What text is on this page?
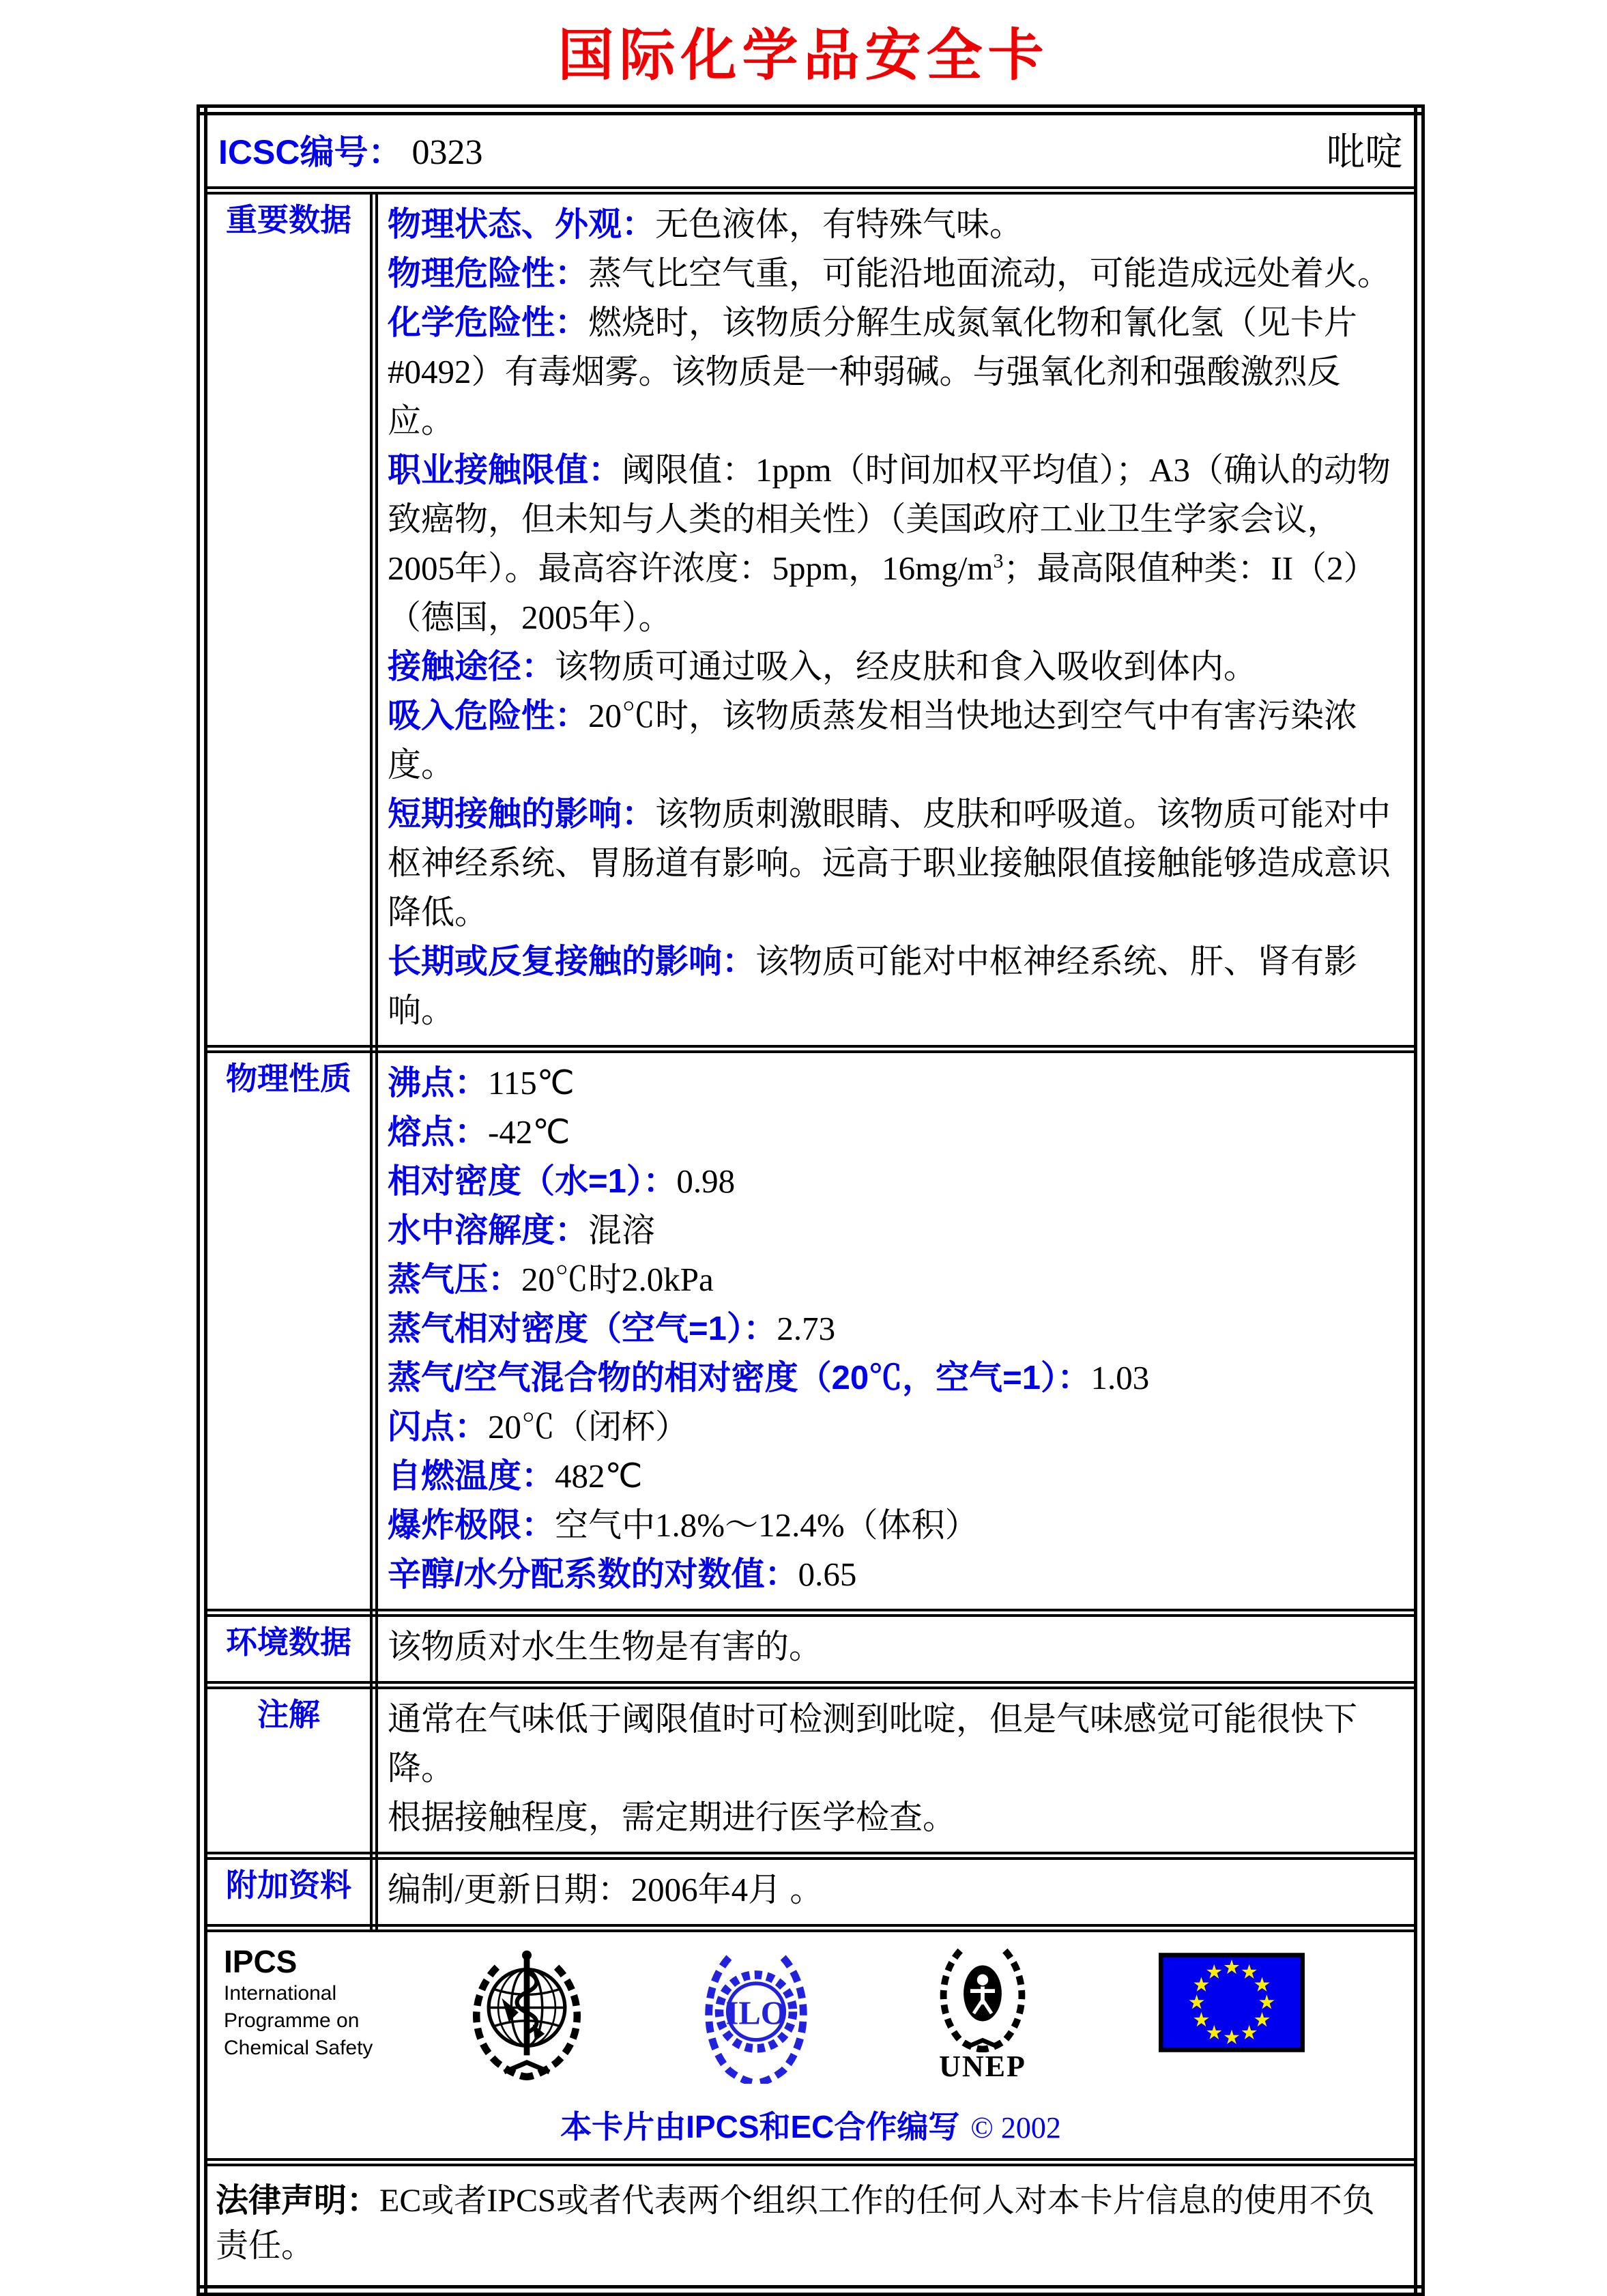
国际化学品安全卡
ICSC编号： 0323 吡啶	

重要数据	物理状态、外观：无色液体，有特殊气味。

物理危险性：蒸气比空气重，可能沿地面流动，可能造成远处着火。

化学危险性：燃烧时，该物质分解生成氮氧化物和氰化氢（见卡片#0492）有毒烟雾。该物质是一种弱碱。与强氧化剂和强酸激烈反应。

职业接触限值：阈限值：1ppm（时间加权平均值）；A3（确认的动物致癌物，但未知与人类的相关性）（美国政府工业卫生学家会议，2005年）。最高容许浓度：5ppm，$16mg/m^3$；最高限值种类：II（2）（德国，2005年）。

接触途径：该物质可通过吸入，经皮肤和食入吸收到体内。

吸入危险性：20℃时，该物质蒸发相当快地达到空气中有害污染浓度。

短期接触的影响：该物质刺激眼睛、皮肤和呼吸道。该物质可能对中枢神经系统、胃肠道有影响。远高于职业接触限值接触能够造成意识降低。

长期或反复接触的影响：该物质可能对中枢神经系统、肝、肾有影响。

物理性质	沸点：115℃

熔点：-42℃

相对密度（水=1）：0.98

水中溶解度：混溶

蒸气压：20℃时2.0kPa

蒸气相对密度（空气=1）：2.73

蒸气/空气混合物的相对密度（20℃，空气=1）：1.03

闪点：20℃（闭杯）

自燃温度：482℃

爆炸极限：空气中1.8%～12.4%（体积）

辛醇/水分配系数的对数值：0.65

环境数据	该物质对水生生物是有害的。

注解	通常在气味低于阈限值时可检测到吡啶，但是气味感觉可能很快下降。

根据接触程度，需定期进行医学检查。

附加资料	编制/更新日期：2006年4月 。

IPCS
International
Programme on
Chemical Safety
ILO
UNEP
本卡片由IPCS和EC合作编写 © 2002

法律声明：EC或者IPCS或者代表两个组织工作的任何人对本卡片信息的使用不负责任。	
